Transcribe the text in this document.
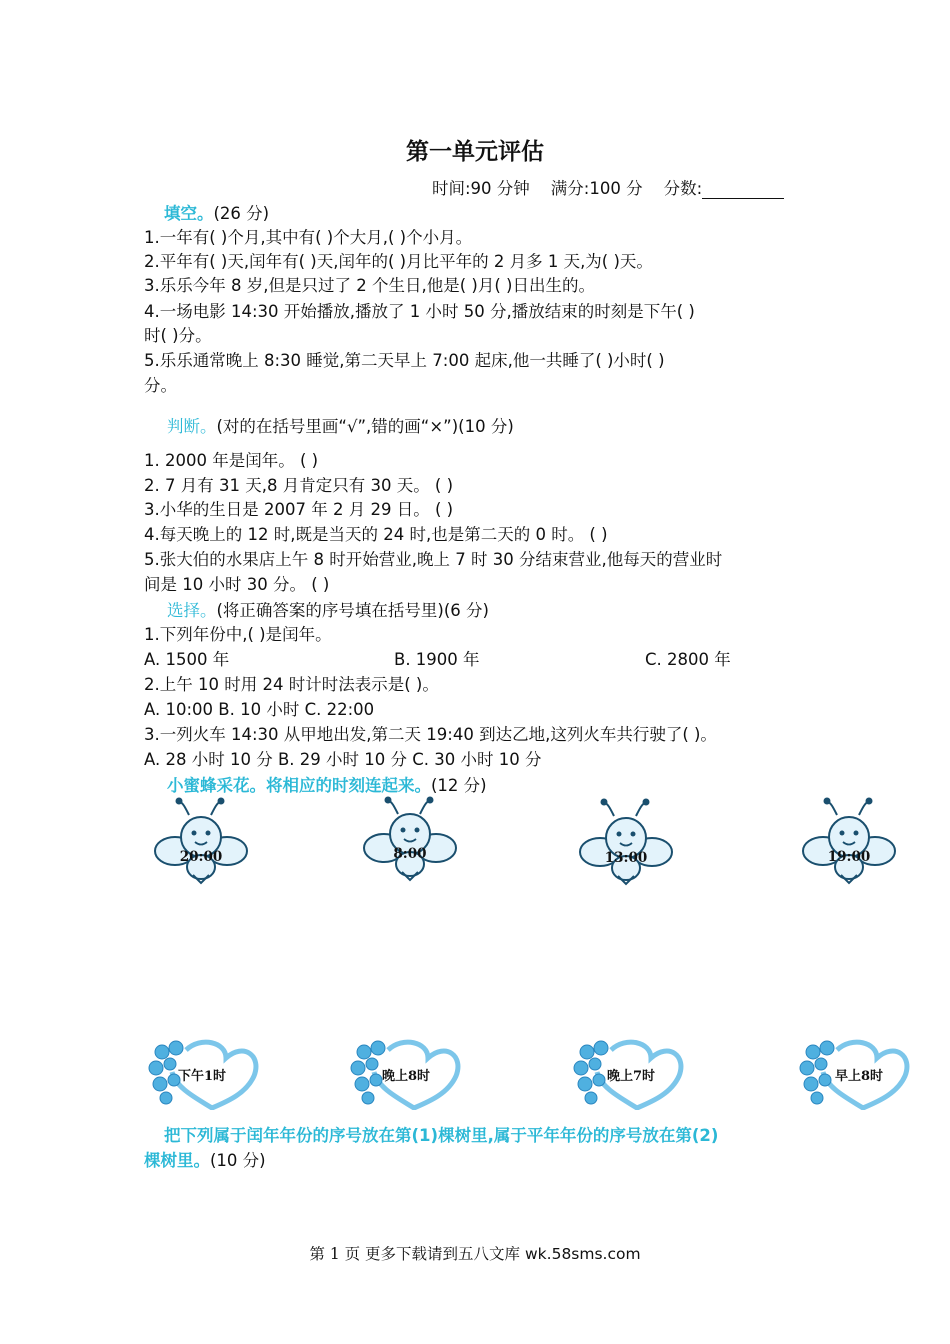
第一单元评估
时间:90 分钟 满分:100 分 分数:
填空。(26 分)
1.一年有( )个月,其中有( )个大月,( )个小月。
2.平年有( )天,闰年有( )天,闰年的( )月比平年的 2 月多 1 天,为( )天。
3.乐乐今年 8 岁,但是只过了 2 个生日,他是( )月( )日出生的。
4.一场电影 14:30 开始播放,播放了 1 小时 50 分,播放结束的时刻是下午( )
时( )分。
5.乐乐通常晚上 8:30 睡觉,第二天早上 7:00 起床,他一共睡了( )小时( )
分。
判断。(对的在括号里画“√”,错的画“×”)(10 分)
1. 2000 年是闰年。 ( )
2. 7 月有 31 天,8 月肯定只有 30 天。 ( )
3.小华的生日是 2007 年 2 月 29 日。 ( )
4.每天晚上的 12 时,既是当天的 24 时,也是第二天的 0 时。 ( )
5.张大伯的水果店上午 8 时开始营业,晚上 7 时 30 分结束营业,他每天的营业时
间是 10 小时 30 分。 ( )
选择。(将正确答案的序号填在括号里)(6 分)
1.下列年份中,( )是闰年。
A. 1500 年	B. 1900 年	C. 2800 年
2.上午 10 时用 24 时计时法表示是( )。
A. 10:00 B. 10 小时 C. 22:00
3.一列火车 14:30 从甲地出发,第二天 19:40 到达乙地,这列火车共行驶了( )。
A. 28 小时 10 分 B. 29 小时 10 分 C. 30 小时 10 分
小蜜蜂采花。将相应的时刻连起来。(12 分)
20:00	8:00	13:00	19:00
下午1时	晚上8时	晚上7时	早上8时
把下列属于闰年年份的序号放在第(1)棵树里,属于平年年份的序号放在第(2)
棵树里。(10 分)
第 1 页 更多下载请到五八文库 wk.58sms.com
